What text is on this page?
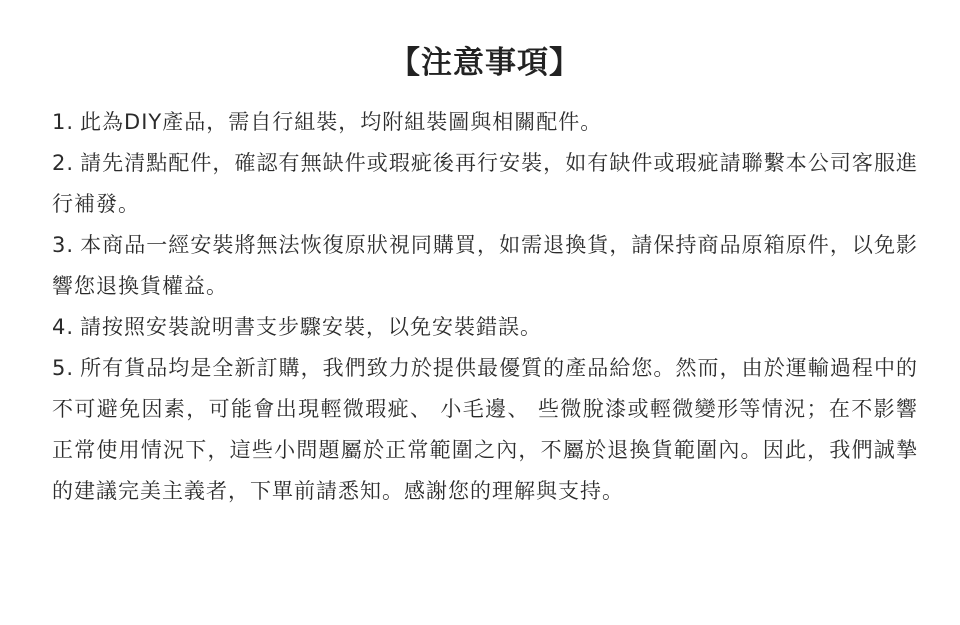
【注意事項】
1. 此為DIY產品，需自行組裝，均附組裝圖與相關配件。
2. 請先清點配件，確認有無缺件或瑕疵後再行安裝，如有缺件或瑕疵請聯繫本公司客服進行補發。
3. 本商品一經安裝將無法恢復原狀視同購買，如需退換貨，請保持商品原箱原件，以免影響您退換貨權益。
4. 請按照安裝說明書支步驟安裝，以免安裝錯誤。
5. 所有貨品均是全新訂購，我們致力於提供最優質的產品給您。然而，由於運輸過程中的不可避免因素，可能會出現輕微瑕疵、 小毛邊、 些微脫漆或輕微變形等情況；在不影響正常使用情況下，這些小問題屬於正常範圍之內，不屬於退換貨範圍內。因此，我們誠摯的建議完美主義者，下單前請悉知。感謝您的理解與支持。
